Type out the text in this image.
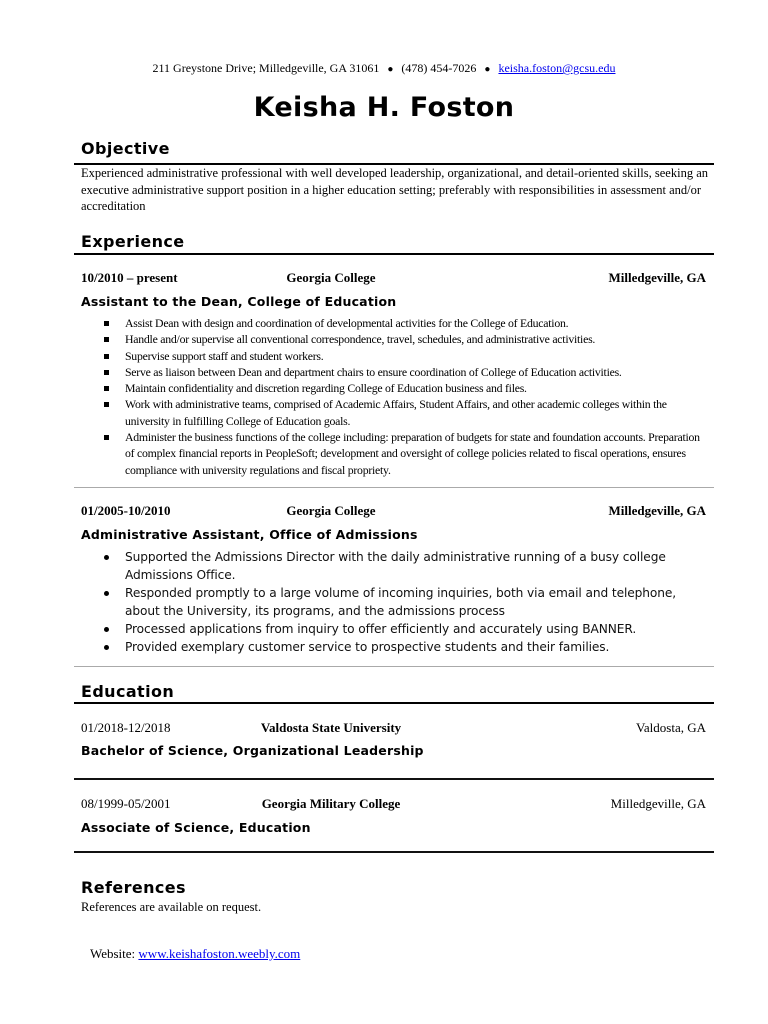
211 Greystone Drive; Milledgeville, GA 31061 ● (478) 454-7026 ● keisha.foston@gcsu.edu
Keisha H. Foston
Objective
Experienced administrative professional with well developed leadership, organizational, and detail-oriented skills, seeking an executive administrative support position in a higher education setting; preferably with responsibilities in assessment and/or accreditation
Experience
10/2010 – present	Georgia College	Milledgeville, GA
Assistant to the Dean, College of Education
Assist Dean with design and coordination of developmental activities for the College of Education.
Handle and/or supervise all conventional correspondence, travel, schedules, and administrative activities.
Supervise support staff and student workers.
Serve as liaison between Dean and department chairs to ensure coordination of College of Education activities.
Maintain confidentiality and discretion regarding College of Education business and files.
Work with administrative teams, comprised of Academic Affairs, Student Affairs, and other academic colleges within the university in fulfilling College of Education goals.
Administer the business functions of the college including: preparation of budgets for state and foundation accounts. Preparation of complex financial reports in PeopleSoft; development and oversight of college policies related to fiscal operations, ensures compliance with university regulations and fiscal propriety.
01/2005-10/2010	Georgia College	Milledgeville, GA
Administrative Assistant, Office of Admissions
Supported the Admissions Director with the daily administrative running of a busy college Admissions Office.
Responded promptly to a large volume of incoming inquiries, both via email and telephone, about the University, its programs, and the admissions process
Processed applications from inquiry to offer efficiently and accurately using BANNER.
Provided exemplary customer service to prospective students and their families.
Education
01/2018-12/2018	Valdosta State University	Valdosta, GA
Bachelor of Science, Organizational Leadership
08/1999-05/2001	Georgia Military College	Milledgeville, GA
Associate of Science, Education
References
References are available on request.
Website: www.keishafoston.weebly.com
